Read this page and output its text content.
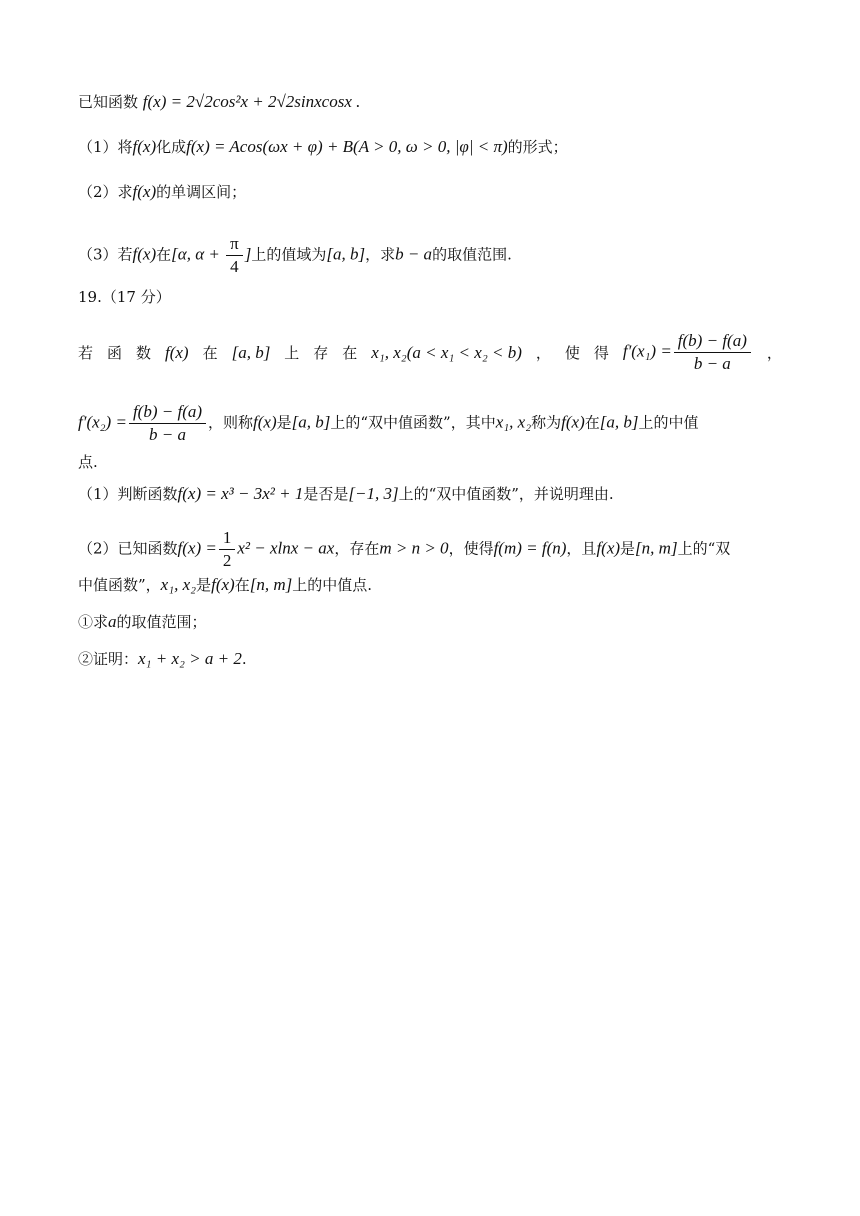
已知函数 f(x) = 2√2cos²x + 2√2sinxcosx .
（1）将f(x)化成f(x) = Acos(ωx + φ) + B(A > 0, ω > 0, |φ| < π)的形式；
（2）求f(x)的单调区间；
（3）若f(x)在[α, $\alpha + \frac{\pi}{4}$ ]上的值域为[a, b]，求b − a的取值范围.
19.（17 分）
若 函 数 f(x) 在 [a, b] 上 存 在 x₁, x₂(a < x₁ < x₂ < b) ， 使 得 $f'(x_1) = \frac{f(b) - f(a)}{b - a}$ ，
$f'(x_2) = \frac{f(b) - f(a)}{b - a}$ ，则称f(x)是[a, b]上的“双中值函数”，其中x₁, x₂称为f(x)在[a, b]上的中值
点.
（1）判断函数f(x) = x³ − 3x² + 1是否是[−1, 3]上的“双中值函数”，并说明理由.
（2）已知函数$f(x) = \frac{1}{2} x^2 - xlnx$ − ax，存在m > n > 0，使得f(m) = f(n)，且f(x)是[n, m]上的“双
中值函数”，x₁, x₂是f(x)在[n, m]上的中值点.
①求a的取值范围；
②证明：x₁ + x₂ > a + 2.
